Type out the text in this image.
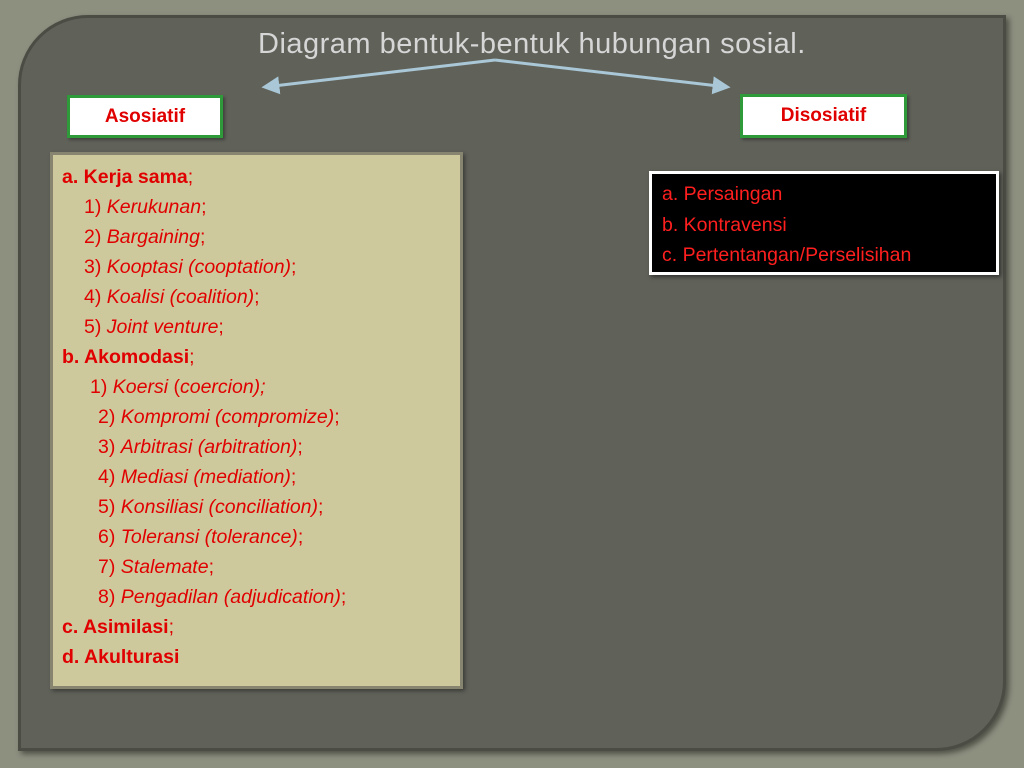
Diagram bentuk-bentuk hubungan sosial.
Asosiatif	Disosiatif
a. Kerja sama;
1) Kerukunan;
2) Bargaining;
3) Kooptasi (cooptation);
4) Koalisi (coalition);
5) Joint venture;
b. Akomodasi;
1) Koersi (coercion);
2) Kompromi (compromize);
3) Arbitrasi (arbitration);
4) Mediasi (mediation);
5) Konsiliasi (conciliation);
6) Toleransi (tolerance);
7) Stalemate;
8) Pengadilan (adjudication);
c. Asimilasi;
d. Akulturasi
a. Persaingan
b. Kontravensi
c. Pertentangan/Perselisihan
